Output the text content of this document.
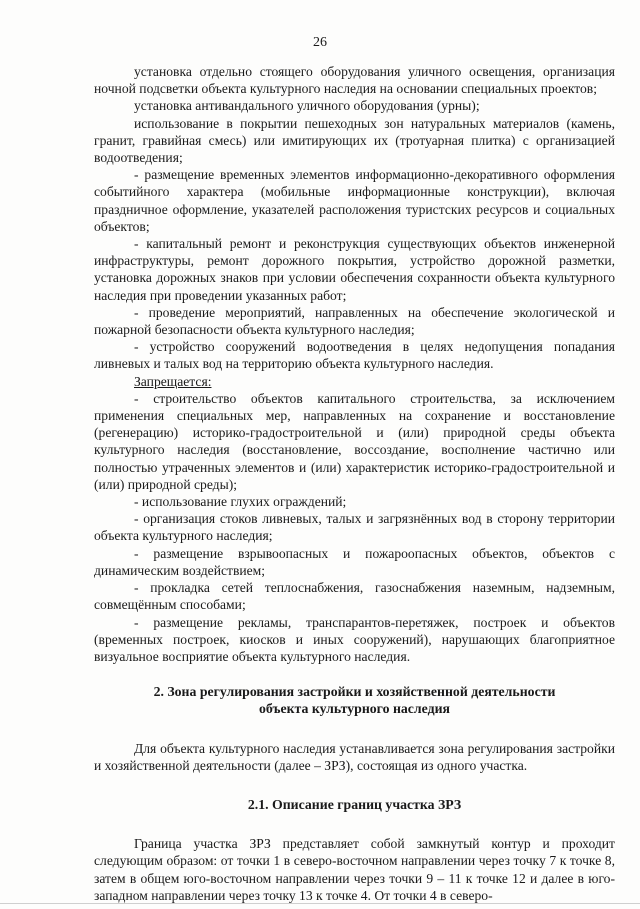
26

установка отдельно стоящего оборудования уличного освещения, организация ночной подсветки объекта культурного наследия на основании специальных проектов;

установка антивандального уличного оборудования (урны);

использование в покрытии пешеходных зон натуральных материалов (камень, гранит, гравийная смесь) или имитирующих их (тротуарная плитка) с организацией водоотведения;

- размещение временных элементов информационно-декоративного оформления событийного характера (мобильные информационные конструкции), включая праздничное оформление, указателей расположения туристских ресурсов и социальных объектов;

- капитальный ремонт и реконструкция существующих объектов инженерной инфраструктуры, ремонт дорожного покрытия, устройство дорожной разметки, установка дорожных знаков при условии обеспечения сохранности объекта культурного наследия при проведении указанных работ;

- проведение мероприятий, направленных на обеспечение экологической и пожарной безопасности объекта культурного наследия;

- устройство сооружений водоотведения в целях недопущения попадания ливневых и талых вод на территорию объекта культурного наследия.

Запрещается:

- строительство объектов капитального строительства, за исключением применения специальных мер, направленных на сохранение и восстановление (регенерацию) историко-градостроительной и (или) природной среды объекта культурного наследия (восстановление, воссоздание, восполнение частично или полностью утраченных элементов и (или) характеристик историко-градостроительной и (или) природной среды);

- использование глухих ограждений;

- организация стоков ливневых, талых и загрязнённых вод в сторону территории объекта культурного наследия;

- размещение взрывоопасных и пожароопасных объектов, объектов с динамическим воздействием;

- прокладка сетей теплоснабжения, газоснабжения наземным, надземным, совмещённым способами;

- размещение рекламы, транспарантов-перетяжек, построек и объектов (временных построек, киосков и иных сооружений), нарушающих благоприятное визуальное восприятие объекта культурного наследия.

2. Зона регулирования застройки и хозяйственной деятельности
объекта культурного наследия

Для объекта культурного наследия устанавливается зона регулирования застройки и хозяйственной деятельности (далее – ЗРЗ), состоящая из одного участка.

2.1. Описание границ участка ЗРЗ

Граница участка ЗРЗ представляет собой замкнутый контур и проходит следующим образом: от точки 1 в северо-восточном направлении через точку 7 к точке 8, затем в общем юго-восточном направлении через точки 9 – 11 к точке 12 и далее в юго-западном направлении через точку 13 к точке 4. От точки 4 в северо-
